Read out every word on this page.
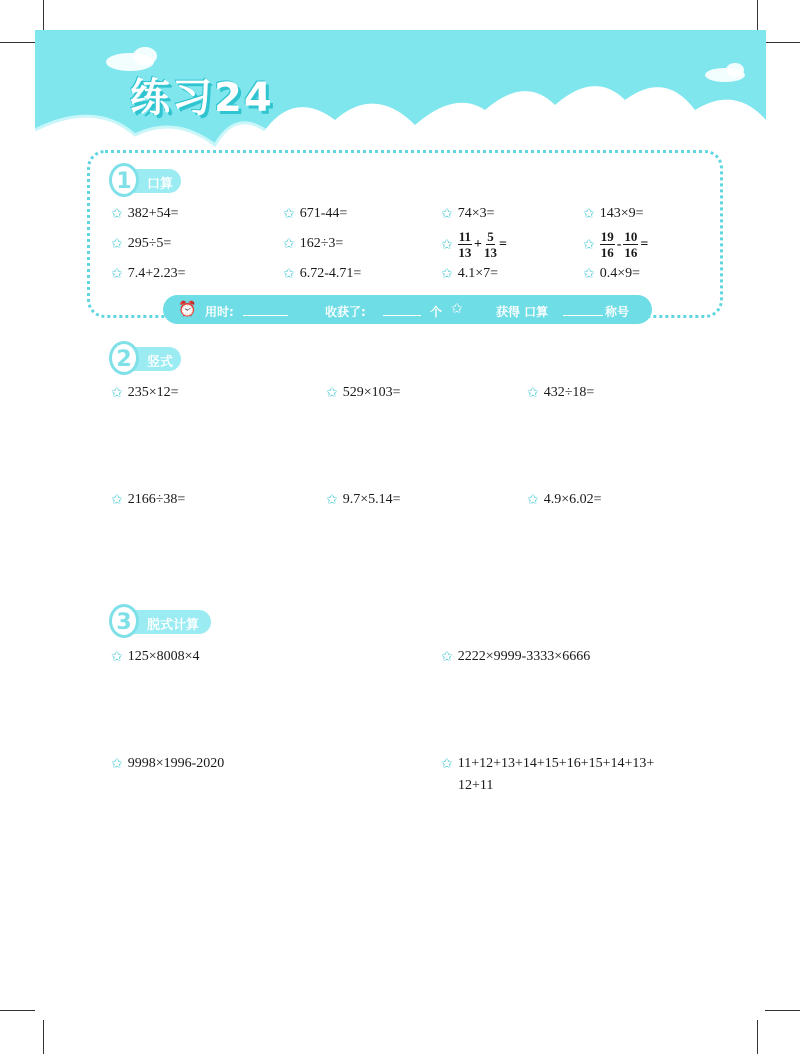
练习24
1	口算
✩ 382+54=	✩ 671-44=	✩ 74×3=	✩ 143×9=
✩ 295÷5=	✩ 162÷3=	✩ $\frac{11}{13} + \frac{5}{13}$ =	✩ $\frac{19}{16} - \frac{10}{16}$ =
✩ 7.4+2.23=	✩ 6.72-4.71=	✩ 4.1×7=	✩ 0.4×9=
⏰ 用时:	收获了:	个 ✩	获得 口算	称号
2	竖式
✩ 235×12=	✩ 529×103=	✩ 432÷18=
✩ 2166÷38=	✩ 9.7×5.14=	✩ 4.9×6.02=
3	脱式计算
✩ 125×8008×4	✩ 2222×9999-3333×6666
✩ 9998×1996-2020	✩ 11+12+13+14+15+16+15+14+13+
12+11
